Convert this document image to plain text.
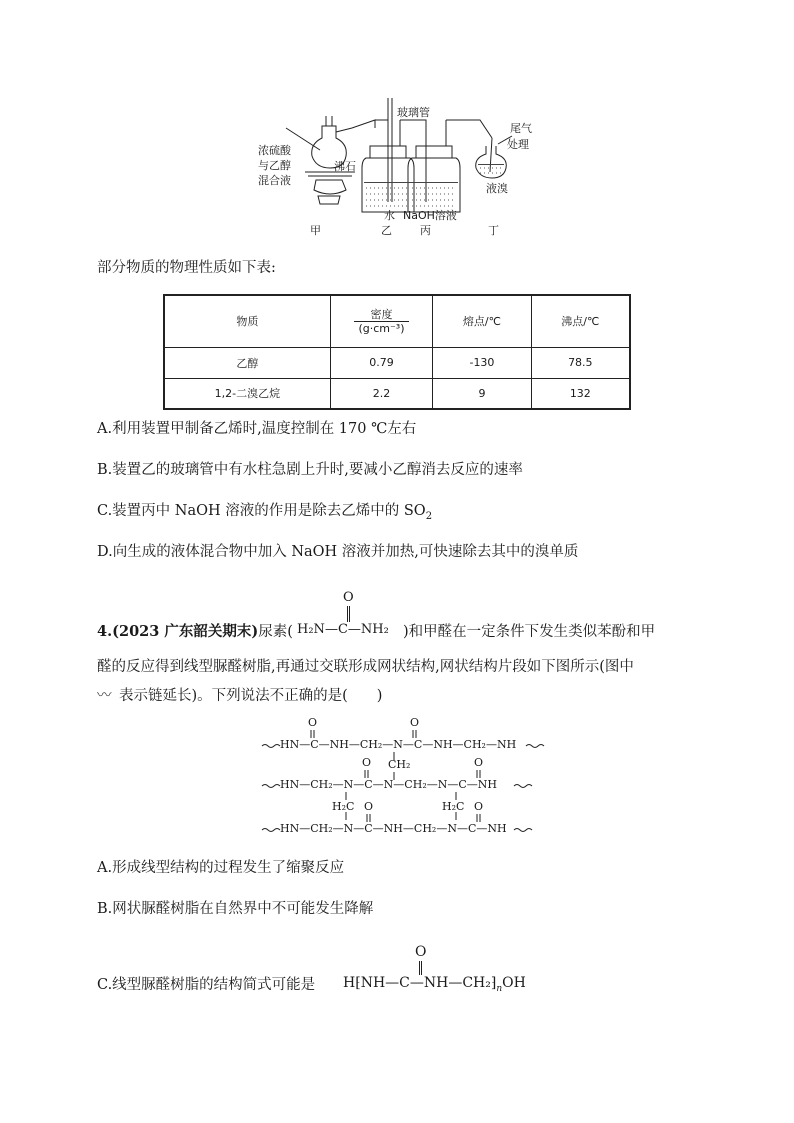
玻璃管
尾气
处理
浓硫酸
与乙醇
混合液
沸石
液溴
水 NaOH溶液
甲	乙	丙	丁
部分物质的物理性质如下表:
物质	$\frac{\text{密度}}{\text{(g·cm⁻³)}}$	熔点/℃	沸点/℃
乙醇	0.79	-130	78.5
1,2-二溴乙烷	2.2	9	132
A.利用装置甲制备乙烯时,温度控制在 170 ℃左右
B.装置乙的玻璃管中有水柱急剧上升时,要减小乙醇消去反应的速率
C.装置丙中 NaOH 溶液的作用是除去乙烯中的 $SO_2$
D.向生成的液体混合物中加入 NaOH 溶液并加热,可快速除去其中的溴单质
4.(2023 广东韶关期末)尿素(	)和甲醛在一定条件下发生类似苯酚和甲
O
H₂N—C—NH₂
醛的反应得到线型脲醛树脂,再通过交联形成网状结构,网状结构片段如下图所示(图中
〰 表示链延长)。下列说法不正确的是(　　)
O	O
HN—C—NH—CH₂—N—C—NH—CH₂—NH
CH₂
O	O
HN—CH₂—N—C—N—CH₂—N—C—NH
H₂C	H₂C
O	O
HN—CH₂—N—C—NH—CH₂—N—C—NH
A.形成线型结构的过程发生了缩聚反应
B.网状脲醛树脂在自然界中不可能发生降解
C.线型脲醛树脂的结构简式可能是
O
$H⁅NH—C—NH—CH_2⁆_nOH$
